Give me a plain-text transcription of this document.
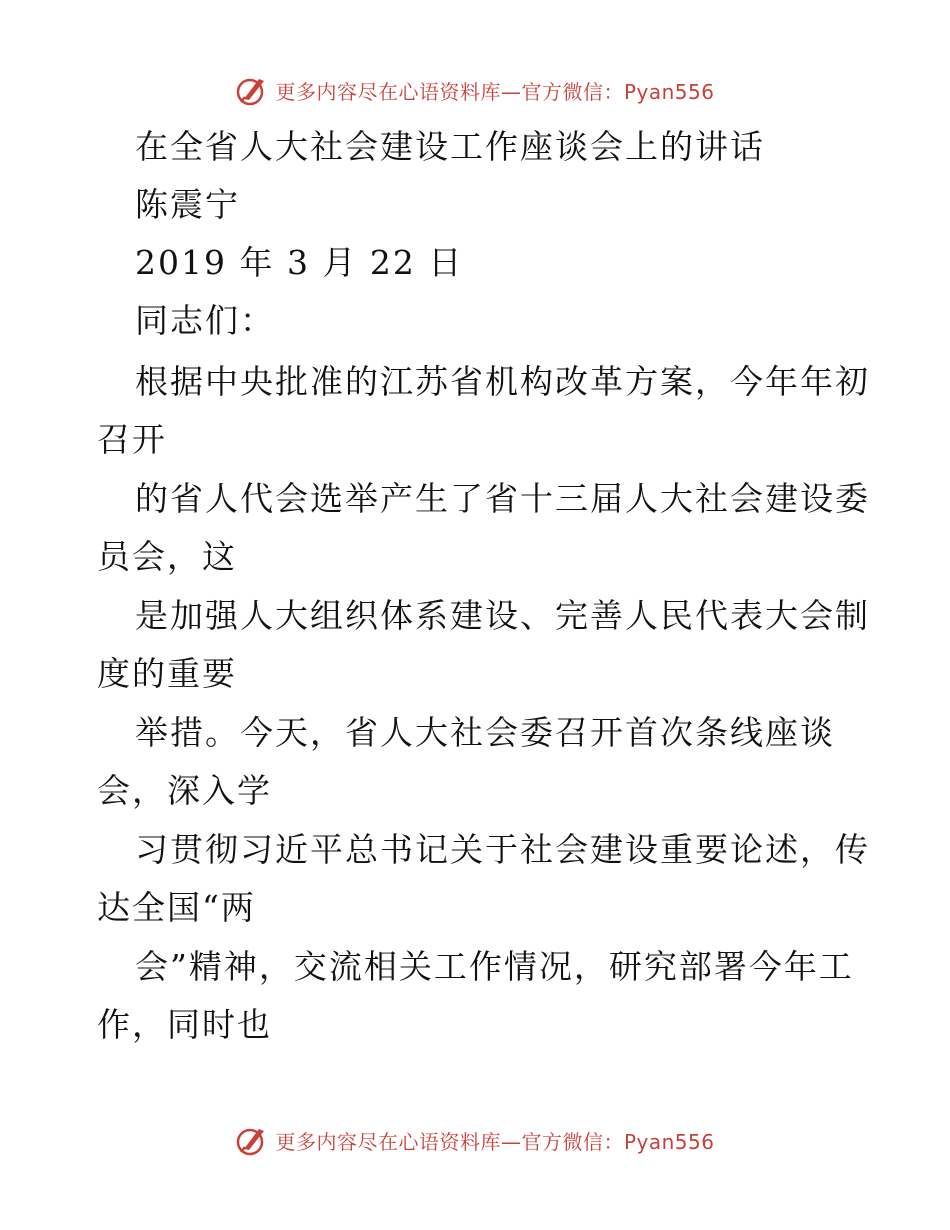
更多内容尽在心语资料库—官方微信：Pyan556
在全省人大社会建设工作座谈会上的讲话
陈震宁
2019 年 3 月 22 日
同志们：
根据中央批准的江苏省机构改革方案，今年年初
召开
的省人代会选举产生了省十三届人大社会建设委
员会，这
是加强人大组织体系建设、完善人民代表大会制
度的重要
举措。今天，省人大社会委召开首次条线座谈
会，深入学
习贯彻习近平总书记关于社会建设重要论述，传
达全国“两
会”精神，交流相关工作情况，研究部署今年工
作，同时也
更多内容尽在心语资料库—官方微信：Pyan556
